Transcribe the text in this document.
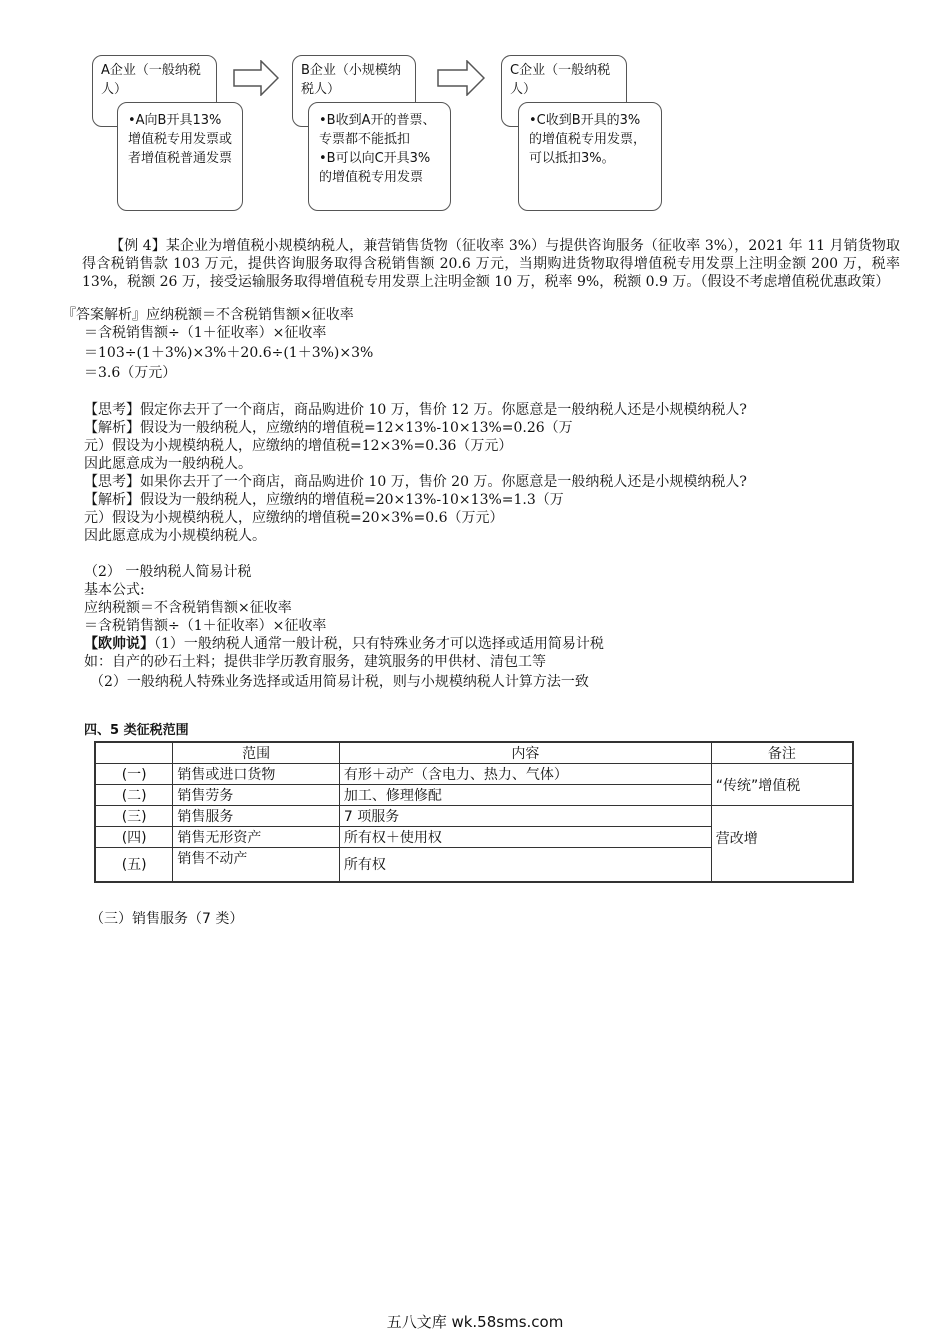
A企业（一般纳税人）

•A向B开具13%增值税专用发票或者增值税普通发票

B企业（小规模纳税人）

•B收到A开的普票、专票都不能抵扣

•B可以向C开具3%的增值税专用发票

C企业（一般纳税人）

•C收到B开具的3%的增值税专用发票，可以抵扣3%。

【例 4】某企业为增值税小规模纳税人，兼营销售货物（征收率 3%）与提供咨询服务（征收率 3%），2021 年 11 月销货物取得含税销售款 103 万元，提供咨询服务取得含税销售额 20.6 万元，当期购进货物取得增值税专用发票上注明金额 200 万，税率 13%，税额 26 万，接受运输服务取得增值税专用发票上注明金额 10 万，税率 9%，税额 0.9 万。（假设不考虑增值税优惠政策）

『答案解析』应纳税额＝不含税销售额×征收率
＝含税销售额÷（1＋征收率）×征收率
＝103÷(1＋3%)×3%＋20.6÷(1＋3%)×3%
＝3.6（万元）
【思考】假定你去开了一个商店，商品购进价 10 万，售价 12 万。你愿意是一般纳税人还是小规模纳税人?
【解析】假设为一般纳税人，应缴纳的增值税=12×13%-10×13%=0.26（万
元）假设为小规模纳税人，应缴纳的增值税=12×3%=0.36（万元）
因此愿意成为一般纳税人。
【思考】如果你去开了一个商店，商品购进价 10 万，售价 20 万。你愿意是一般纳税人还是小规模纳税人?
【解析】假设为一般纳税人，应缴纳的增值税=20×13%-10×13%=1.3（万
元）假设为小规模纳税人，应缴纳的增值税=20×3%=0.6（万元）
因此愿意成为小规模纳税人。
（2） 一般纳税人简易计税
基本公式:
应纳税额＝不含税销售额×征收率
＝含税销售额÷（1＋征收率）×征收率
【欧帅说】（1）一般纳税人通常一般计税，只有特殊业务才可以选择或适用简易计税
如：自产的砂石土料；提供非学历教育服务，建筑服务的甲供材、清包工等
（2）一般纳税人特殊业务选择或适用简易计税，则与小规模纳税人计算方法一致
四、5 类征税范围
	范围	内容	备注
(一)	销售或进口货物	有形＋动产（含电力、热力、气体）	“传统”增值税
(二)	销售劳务	加工、修理修配	
(三)	销售服务	7 项服务	营改增
(四)	销售无形资产	所有权＋使用权	
(五)	销售不动产	所有权	
（三）销售服务（7 类）
五八文库 wk.58sms.com
